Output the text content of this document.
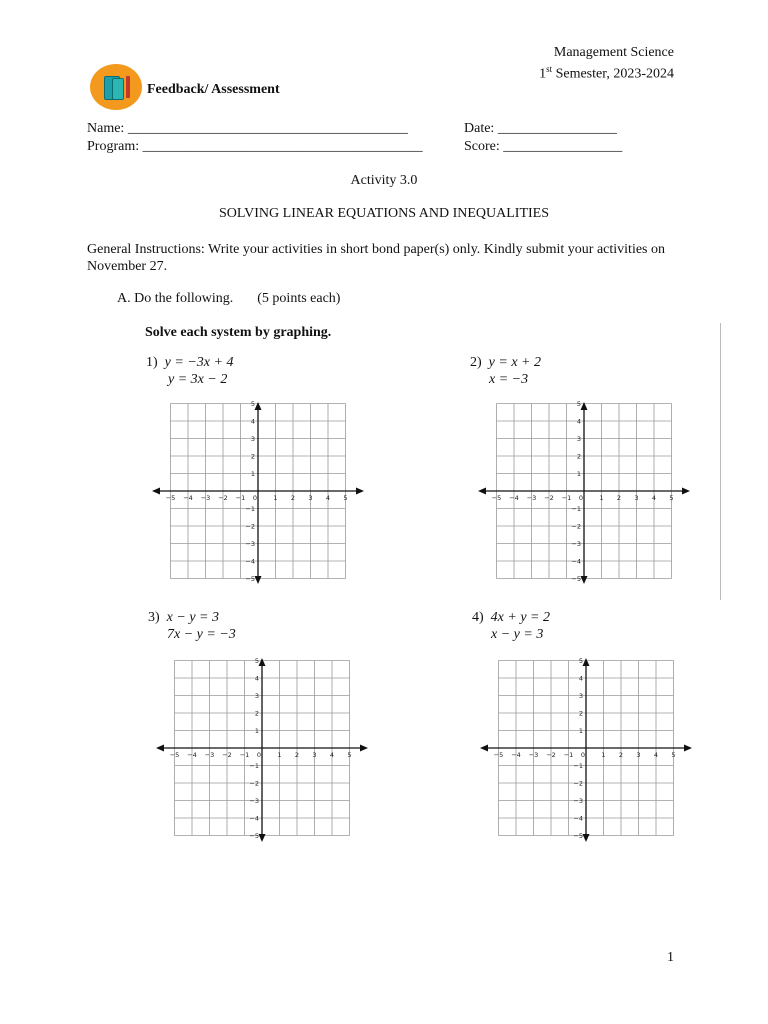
Management Science
1st Semester, 2023-2024
Feedback/ Assessment
Name: ________________________________________	Date: _________________
Program: ________________________________________	Score: _________________
Activity 3.0
SOLVING LINEAR EQUATIONS AND INEQUALITIES
General Instructions: Write your activities in short bond paper(s) only. Kindly submit your activities on November 27.
A. Do the following. (5 points each)
Solve each system by graphing.
1) y = −3x + 4
y = 3x − 2
2) y = x + 2
x = −3
3) x − y = 3
7x − y = −3
4) 4x + y = 2
x − y = 3
−5 −4 −3 −2 −1 0	1 2 3 4 5
5
4
3
2
1
−1
−2
−3
−4
−5
−5 −4 −3 −2 −1 0	1 2 3 4 5
5
4
3
2
1
−1
−2
−3
−4
−5
−5 −4 −3 −2 −1 0	1 2 3 4 5
5
4
3
2
1
−1
−2
−3
−4
−5
−5 −4 −3 −2 −1 0	1 2 3 4 5
5
4
3
2
1
−1
−2
−3
−4
−5
1
